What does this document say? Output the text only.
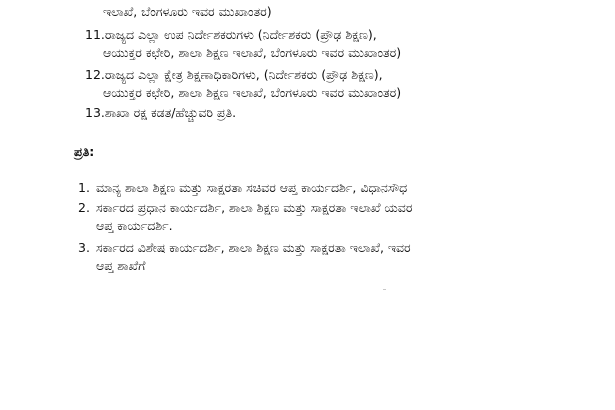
ಇಲಾಖೆ, ಬೆಂಗಳೂರು ಇವರ ಮುಖಾಂತರ)
11.ರಾಜ್ಯದ ಎಲ್ಲಾ ಉಪ ನಿರ್ದೇಶಕರುಗಳು (ನಿರ್ದೇಶಕರು (ಪ್ರೌಢ ಶಿಕ್ಷಣ),
ಆಯುಕ್ತರ ಕಛೇರಿ, ಶಾಲಾ ಶಿಕ್ಷಣ ಇಲಾಖೆ, ಬೆಂಗಳೂರು ಇವರ ಮುಖಾಂತರ)
12.ರಾಜ್ಯದ ಎಲ್ಲಾ ಕ್ಷೇತ್ರ ಶಿಕ್ಷಣಾಧಿಕಾರಿಗಳು, (ನಿರ್ದೇಶಕರು (ಪ್ರೌಢ ಶಿಕ್ಷಣ),
ಆಯುಕ್ತರ ಕಛೇರಿ, ಶಾಲಾ ಶಿಕ್ಷಣ ಇಲಾಖೆ, ಬೆಂಗಳೂರು ಇವರ ಮುಖಾಂತರ)
13.ಶಾಖಾ ರಕ್ಷ ಕಡತ/ಹೆಚ್ಚುವರಿ ಪ್ರತಿ.
ಪ್ರತಿ:
1. ಮಾನ್ಯ ಶಾಲಾ ಶಿಕ್ಷಣ ಮತ್ತು ಸಾಕ್ಷರತಾ ಸಚಿವರ ಆಪ್ತ ಕಾರ್ಯದರ್ಶಿ, ವಿಧಾನಸೌಧ
2. ಸರ್ಕಾರದ ಪ್ರಧಾನ ಕಾರ್ಯದರ್ಶಿ, ಶಾಲಾ ಶಿಕ್ಷಣ ಮತ್ತು ಸಾಕ್ಷರತಾ ಇಲಾಖೆ ಯವರ
ಆಪ್ತ ಕಾರ್ಯದರ್ಶಿ.
3. ಸರ್ಕಾರದ ವಿಶೇಷ ಕಾರ್ಯದರ್ಶಿ, ಶಾಲಾ ಶಿಕ್ಷಣ ಮತ್ತು ಸಾಕ್ಷರತಾ ಇಲಾಖೆ, ಇವರ
ಆಪ್ತ ಶಾಖೆಗೆ
